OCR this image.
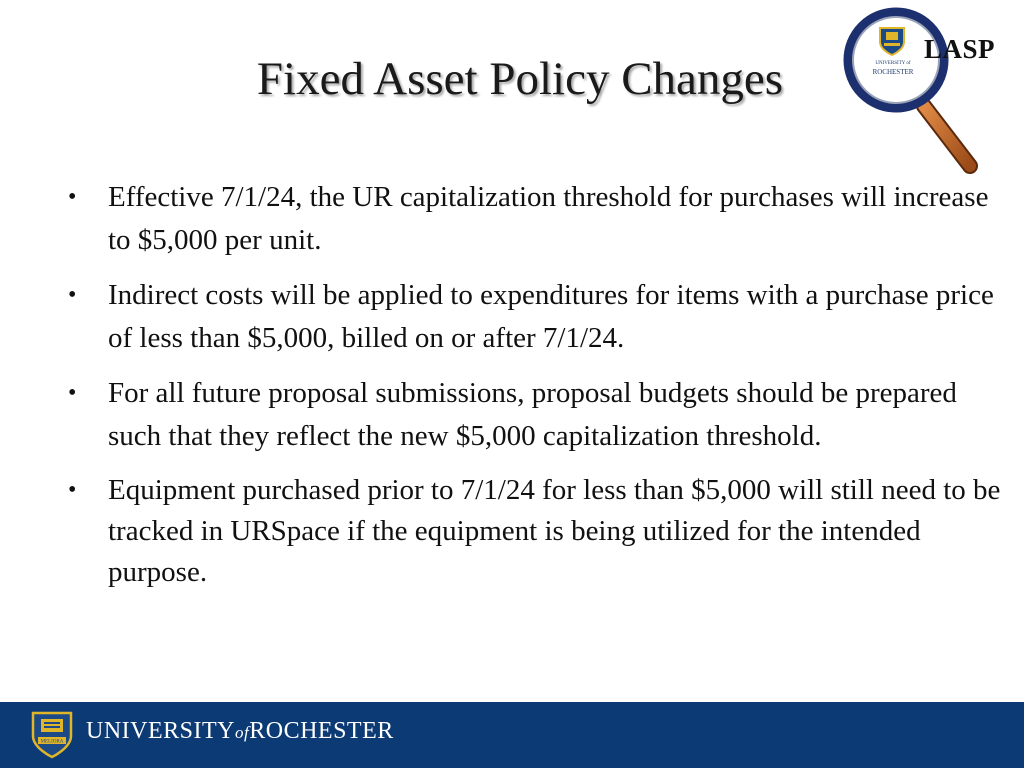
Fixed Asset Policy Changes	UNIVERSITY of
ROCHESTER
LASP
• Effective 7/1/24, the UR capitalization threshold for purchases will increase to $5,000 per unit.
• Indirect costs will be applied to expenditures for items with a purchase price of less than $5,000, billed on or after 7/1/24.
• For all future proposal submissions, proposal budgets should be prepared such that they reflect the new $5,000 capitalization threshold.
• Equipment purchased prior to 7/1/24 for less than $5,000 will still need to be tracked in URSpace if the equipment is being utilized for the intended purpose.
MELIORA UNIVERSITYofROCHESTER
